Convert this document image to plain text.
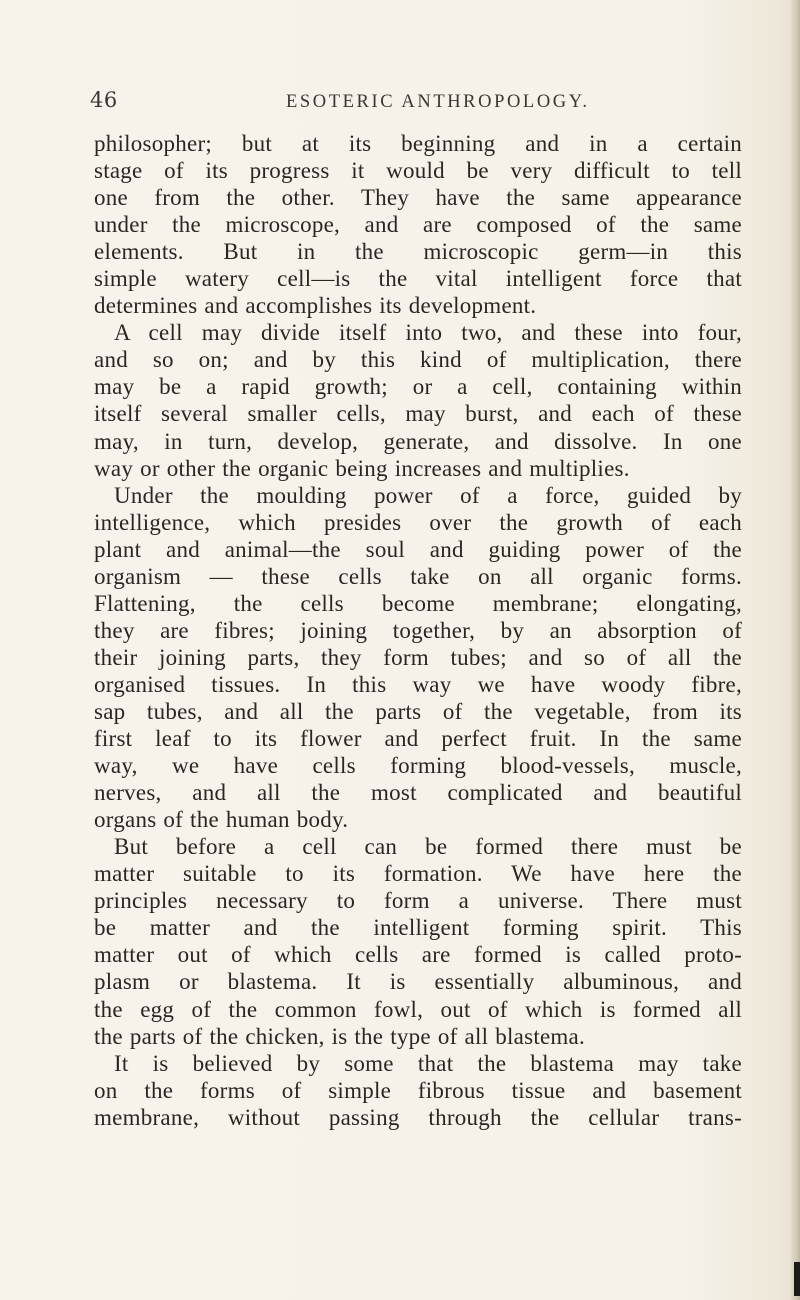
46	ESOTERIC ANTHROPOLOGY.
philosopher; but at its beginning and in a certain
stage of its progress it would be very difficult to tell
one from the other. They have the same appearance
under the microscope, and are composed of the same
elements. But in the microscopic germ—in this
simple watery cell—is the vital intelligent force that
determines and accomplishes its development.
A cell may divide itself into two, and these into four,
and so on; and by this kind of multiplication, there
may be a rapid growth; or a cell, containing within
itself several smaller cells, may burst, and each of these
may, in turn, develop, generate, and dissolve. In one
way or other the organic being increases and multiplies.
Under the moulding power of a force, guided by
intelligence, which presides over the growth of each
plant and animal—the soul and guiding power of the
organism — these cells take on all organic forms.
Flattening, the cells become membrane; elongating,
they are fibres; joining together, by an absorption of
their joining parts, they form tubes; and so of all the
organised tissues. In this way we have woody fibre,
sap tubes, and all the parts of the vegetable, from its
first leaf to its flower and perfect fruit. In the same
way, we have cells forming blood-vessels, muscle,
nerves, and all the most complicated and beautiful
organs of the human body.
But before a cell can be formed there must be
matter suitable to its formation. We have here the
principles necessary to form a universe. There must
be matter and the intelligent forming spirit. This
matter out of which cells are formed is called proto-
plasm or blastema. It is essentially albuminous, and
the egg of the common fowl, out of which is formed all
the parts of the chicken, is the type of all blastema.
It is believed by some that the blastema may take
on the forms of simple fibrous tissue and basement
membrane, without passing through the cellular trans-
